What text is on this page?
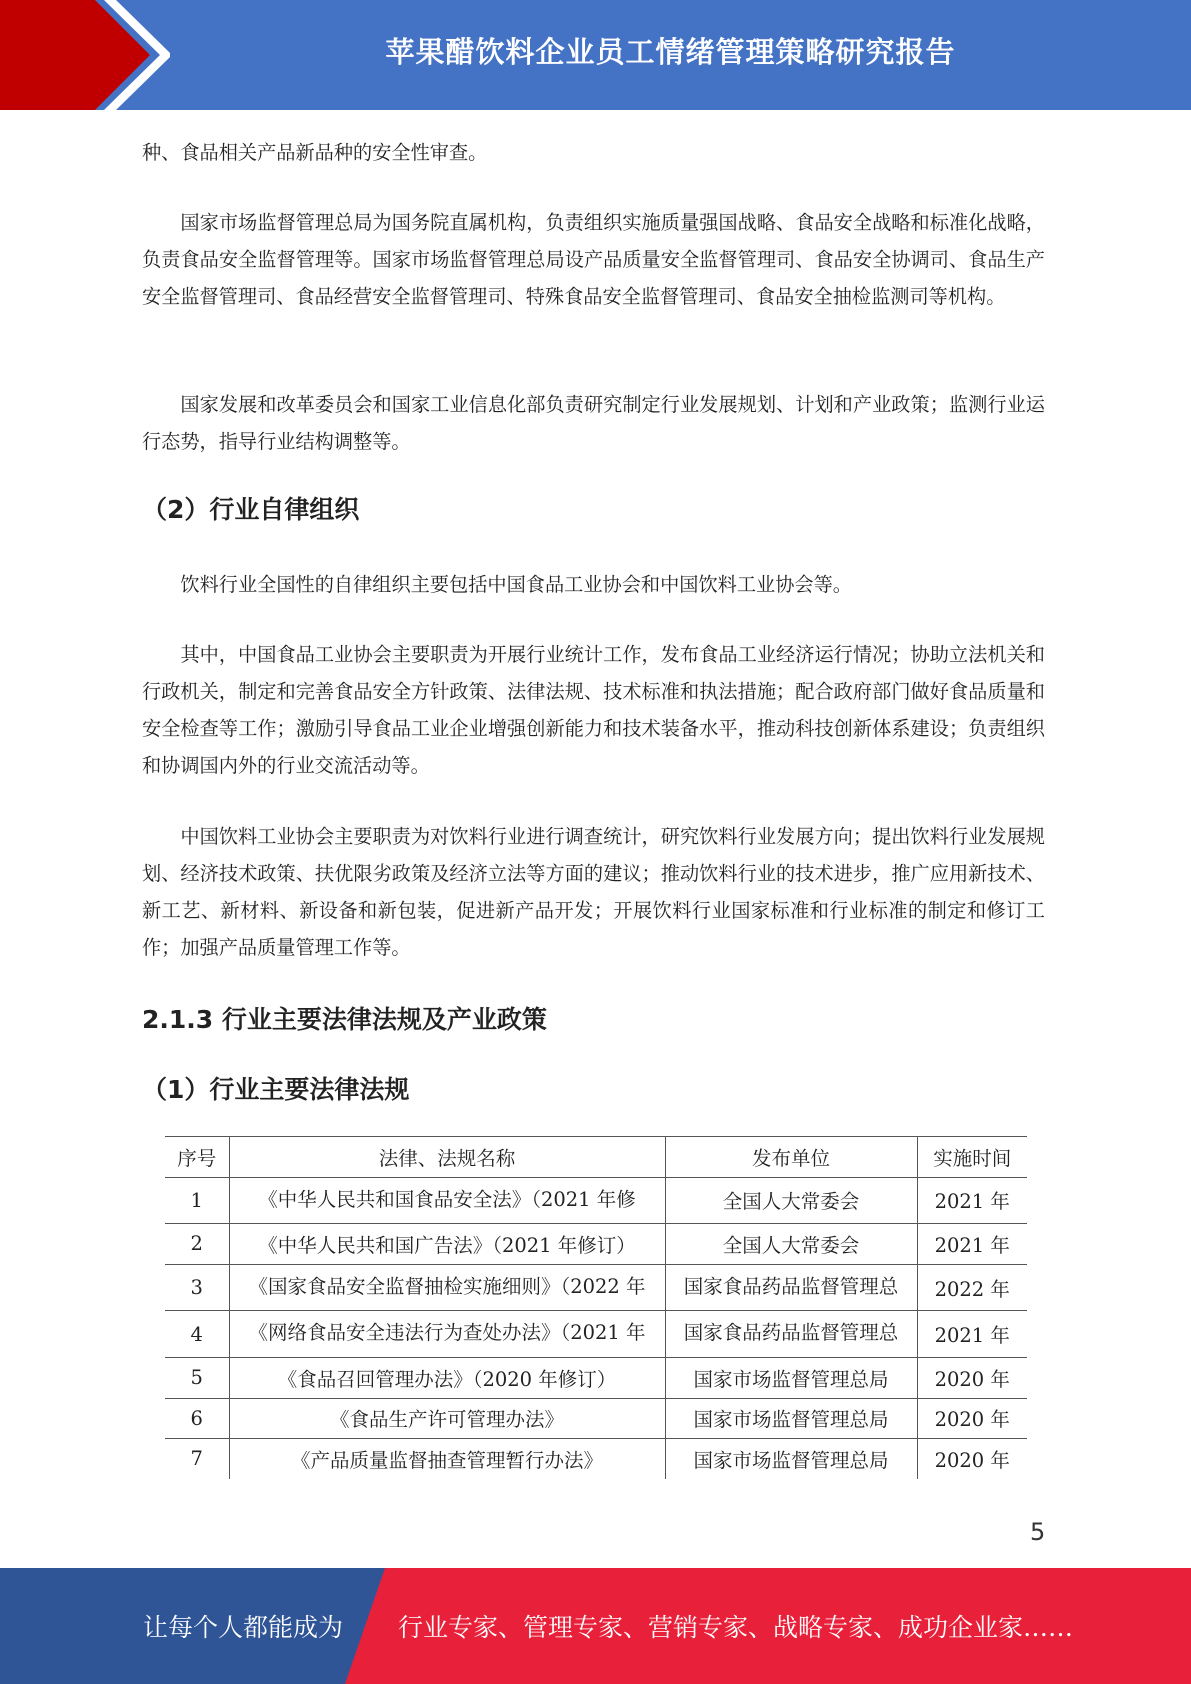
苹果醋饮料企业员工情绪管理策略研究报告
种、食品相关产品新品种的安全性审查。
国家市场监督管理总局为国务院直属机构，负责组织实施质量强国战略、食品安全战略和标准化战略，负责食品安全监督管理等。国家市场监督管理总局设产品质量安全监督管理司、食品安全协调司、食品生产安全监督管理司、食品经营安全监督管理司、特殊食品安全监督管理司、食品安全抽检监测司等机构。
国家发展和改革委员会和国家工业信息化部负责研究制定行业发展规划、计划和产业政策；监测行业运行态势，指导行业结构调整等。
（2）行业自律组织
饮料行业全国性的自律组织主要包括中国食品工业协会和中国饮料工业协会等。
其中，中国食品工业协会主要职责为开展行业统计工作，发布食品工业经济运行情况；协助立法机关和行政机关，制定和完善食品安全方针政策、法律法规、技术标准和执法措施；配合政府部门做好食品质量和安全检查等工作；激励引导食品工业企业增强创新能力和技术装备水平，推动科技创新体系建设；负责组织和协调国内外的行业交流活动等。
中国饮料工业协会主要职责为对饮料行业进行调查统计，研究饮料行业发展方向；提出饮料行业发展规划、经济技术政策、扶优限劣政策及经济立法等方面的建议；推动饮料行业的技术进步，推广应用新技术、新工艺、新材料、新设备和新包装，促进新产品开发；开展饮料行业国家标准和行业标准的制定和修订工作；加强产品质量管理工作等。
2.1.3 行业主要法律法规及产业政策
（1）行业主要法律法规
序号	法律、法规名称	发布单位	实施时间
1	《中华人民共和国食品安全法》（2021 年修	全国人大常委会	2021 年
2	《中华人民共和国广告法》（2021 年修订）	全国人大常委会	2021 年
3	《国家食品安全监督抽检实施细则》（2022 年	国家食品药品监督管理总	2022 年
4	《网络食品安全违法行为查处办法》（2021 年	国家食品药品监督管理总	2021 年
5	《食品召回管理办法》（2020 年修订）	国家市场监督管理总局	2020 年
6	《食品生产许可管理办法》	国家市场监督管理总局	2020 年
7	《产品质量监督抽查管理暂行办法》	国家市场监督管理总局	2020 年
5
让每个人都能成为 行业专家、管理专家、营销专家、战略专家、成功企业家……
